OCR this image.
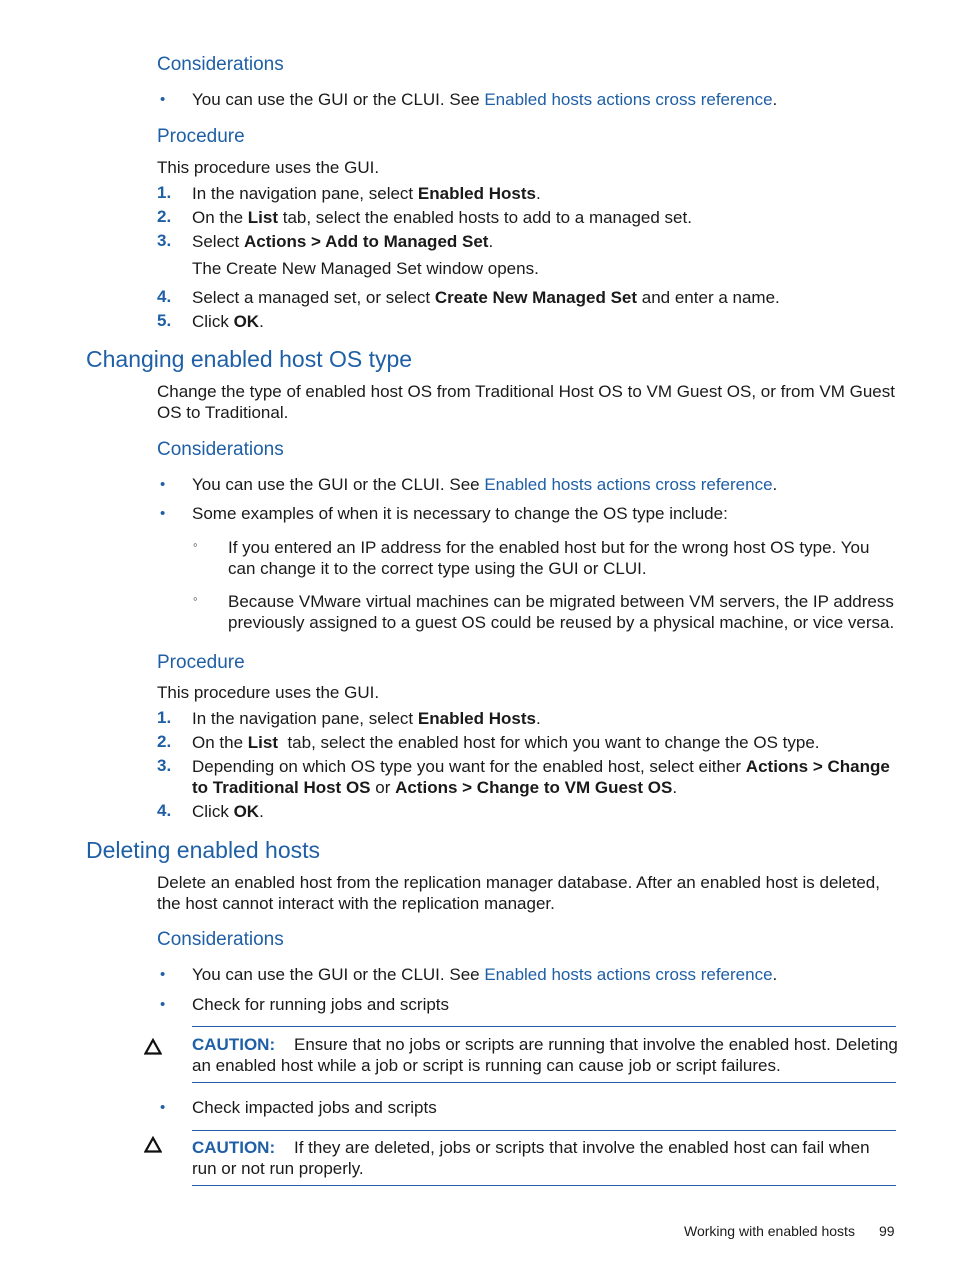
Considerations
• You can use the GUI or the CLUI. See Enabled hosts actions cross reference.
Procedure
This procedure uses the GUI.
1. In the navigation pane, select Enabled Hosts.
2. On the List tab, select the enabled hosts to add to a managed set.
3. Select Actions > Add to Managed Set.
The Create New Managed Set window opens.
4. Select a managed set, or select Create New Managed Set and enter a name.
5. Click OK.
Changing enabled host OS type
Change the type of enabled host OS from Traditional Host OS to VM Guest OS, or from VM Guest OS to Traditional.
Considerations
• You can use the GUI or the CLUI. See Enabled hosts actions cross reference.
• Some examples of when it is necessary to change the OS type include:
◦ If you entered an IP address for the enabled host but for the wrong host OS type. You can change it to the correct type using the GUI or CLUI.
◦ Because VMware virtual machines can be migrated between VM servers, the IP address previously assigned to a guest OS could be reused by a physical machine, or vice versa.
Procedure
This procedure uses the GUI.
1. In the navigation pane, select Enabled Hosts.
2. On the List  tab, select the enabled host for which you want to change the OS type.
3. Depending on which OS type you want for the enabled host, select either Actions > Change to Traditional Host OS or Actions > Change to VM Guest OS.
4. Click OK.
Deleting enabled hosts
Delete an enabled host from the replication manager database. After an enabled host is deleted, the host cannot interact with the replication manager.
Considerations
• You can use the GUI or the CLUI. See Enabled hosts actions cross reference.
• Check for running jobs and scripts
CAUTION: Ensure that no jobs or scripts are running that involve the enabled host. Deleting an enabled host while a job or script is running can cause job or script failures.
• Check impacted jobs and scripts
CAUTION: If they are deleted, jobs or scripts that involve the enabled host can fail when run or not run properly.
Working with enabled hosts 99
